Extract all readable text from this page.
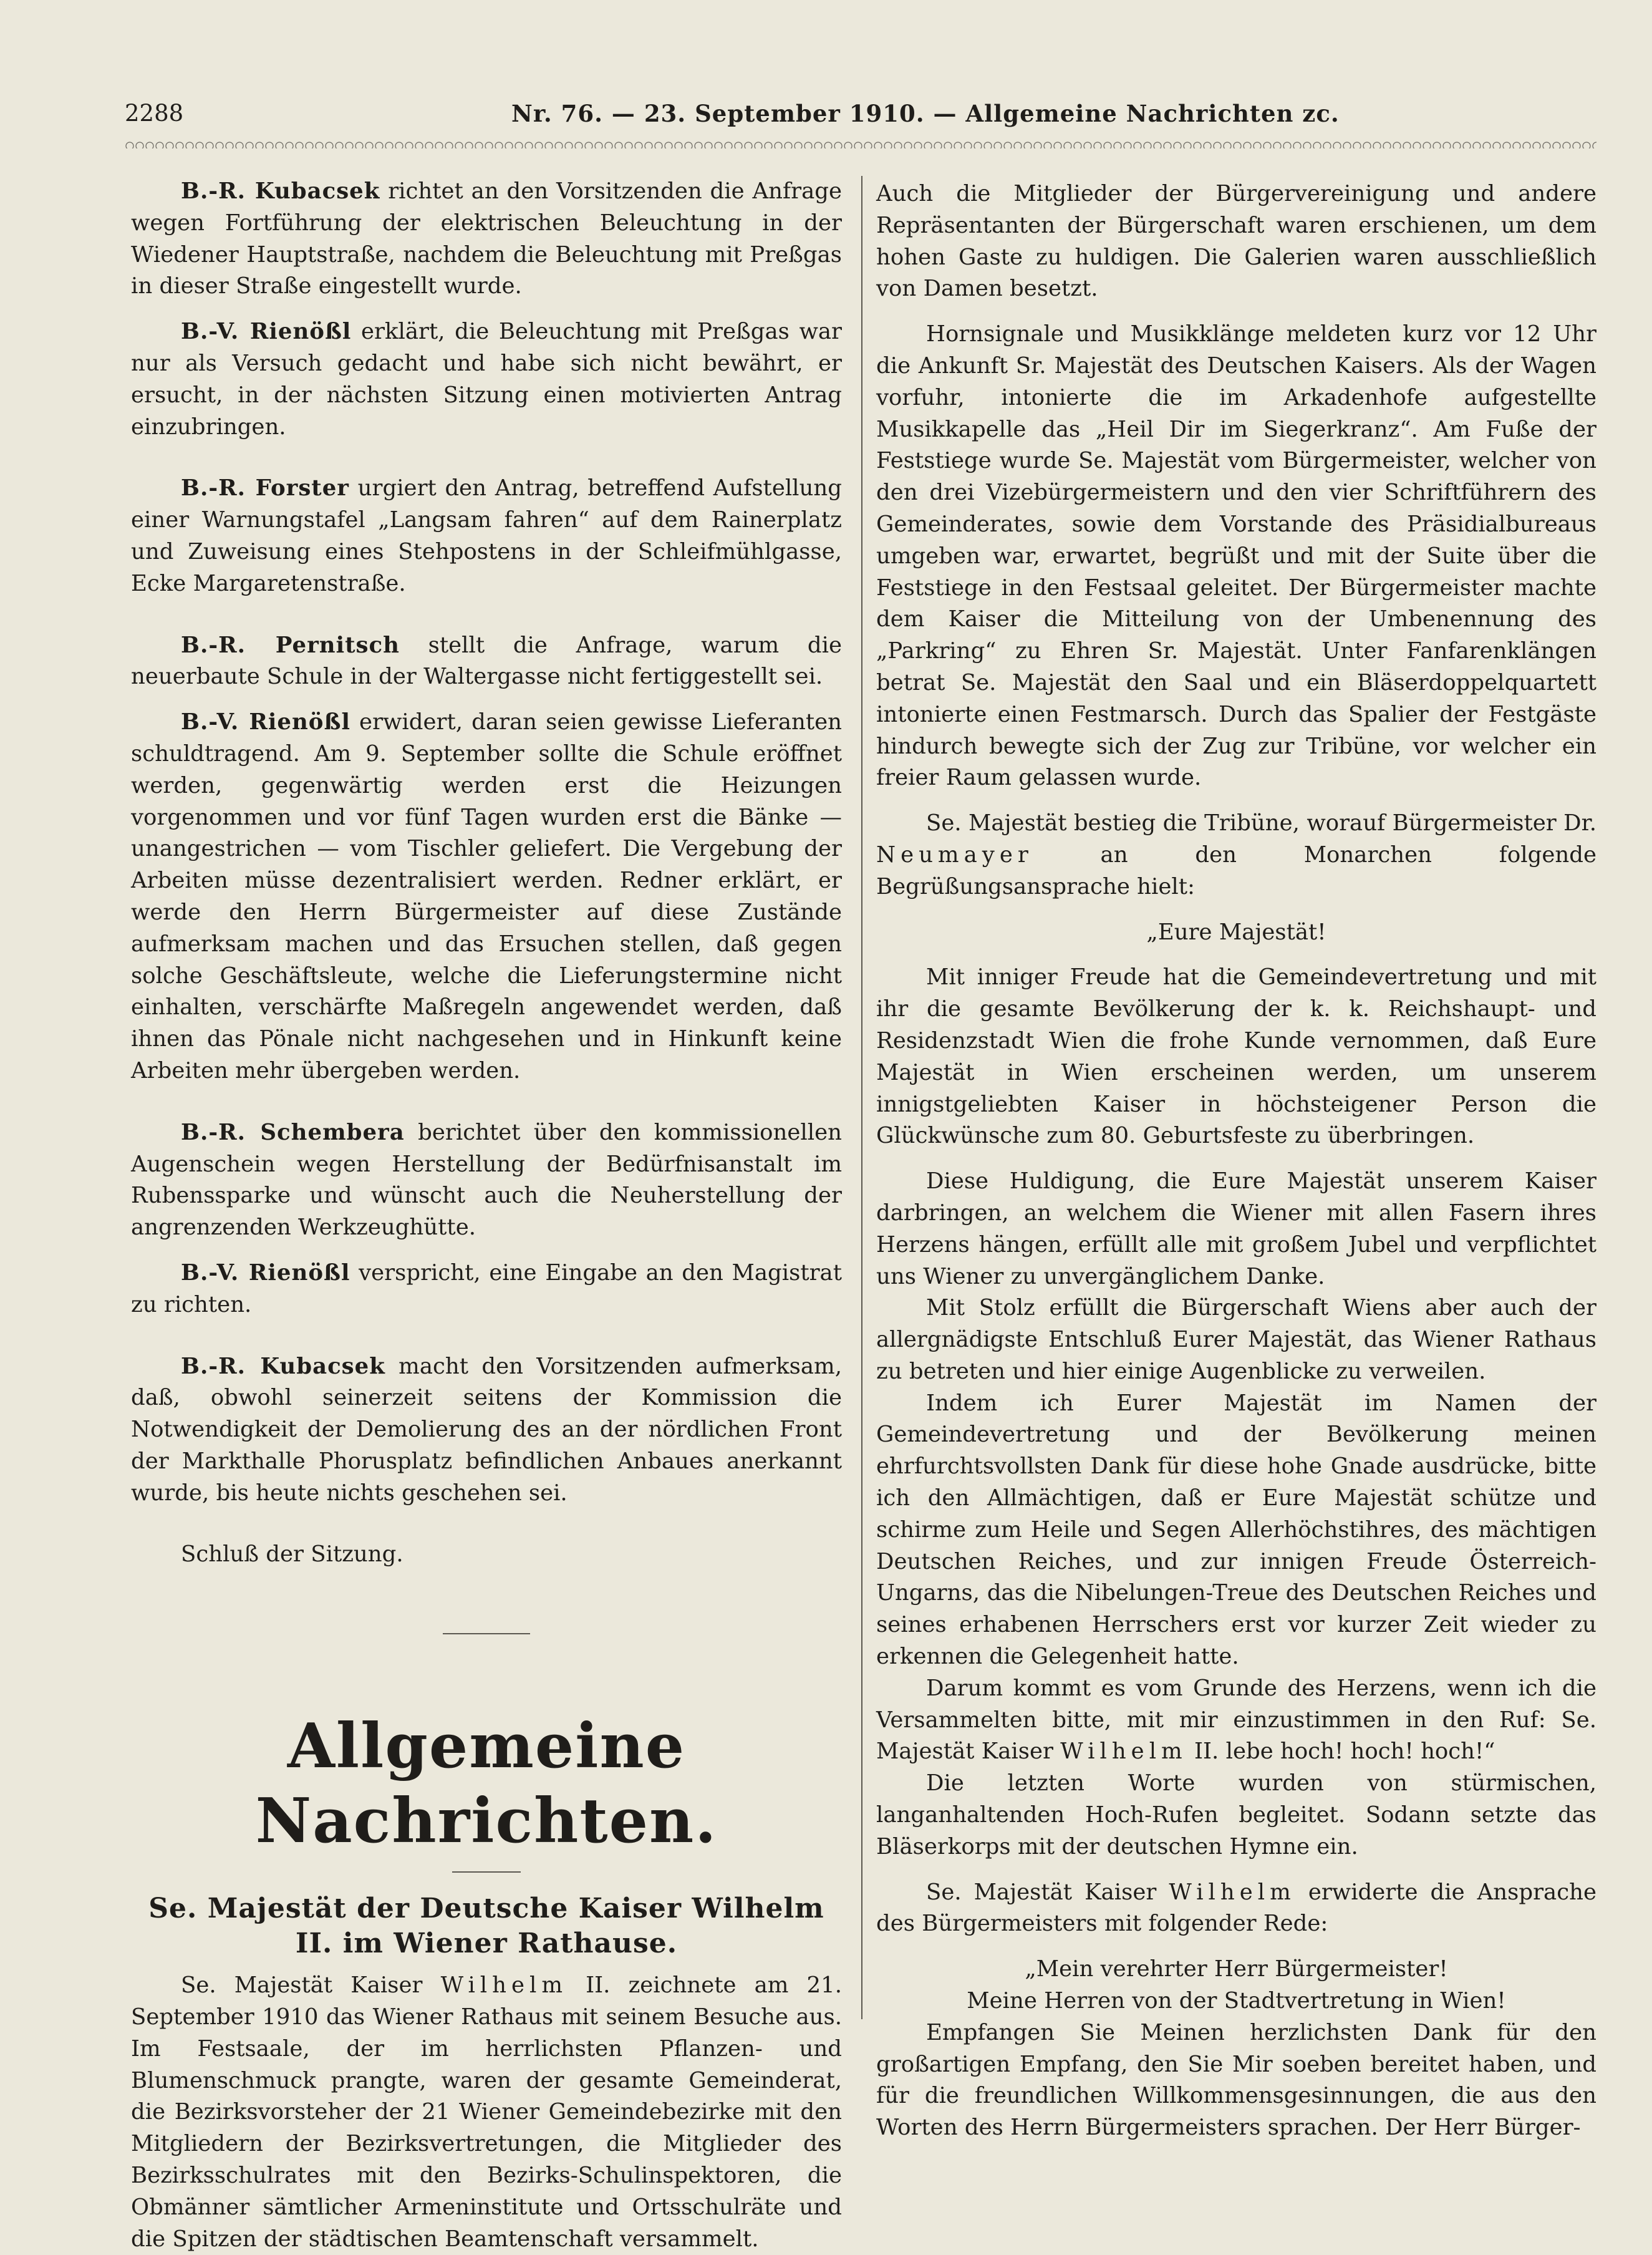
2288	Nr. 76. — 23. September 1910. — Allgemeine Nachrichten zc.

B.-R. Kubacsek richtet an den Vorsitzenden die Anfrage wegen Fortführung der elektrischen Beleuchtung in der Wiedener Hauptstraße, nachdem die Beleuchtung mit Preßgas in dieser Straße eingestellt wurde.

B.-V. Rienößl erklärt, die Beleuchtung mit Preßgas war nur als Versuch gedacht und habe sich nicht bewährt, er ersucht, in der nächsten Sitzung einen motivierten Antrag einzubringen.

B.-R. Forster urgiert den Antrag, betreffend Aufstellung einer Warnungstafel „Langsam fahren“ auf dem Rainerplatz und Zuweisung eines Stehpostens in der Schleifmühlgasse, Ecke Margaretenstraße.

B.-R. Pernitsch stellt die Anfrage, warum die neuerbaute Schule in der Waltergasse nicht fertiggestellt sei.

B.-V. Rienößl erwidert, daran seien gewisse Lieferanten schuldtragend. Am 9. September sollte die Schule eröffnet werden, gegenwärtig werden erst die Heizungen vorgenommen und vor fünf Tagen wurden erst die Bänke — unangestrichen — vom Tischler geliefert. Die Vergebung der Arbeiten müsse dezentralisiert werden. Redner erklärt, er werde den Herrn Bürgermeister auf diese Zustände aufmerksam machen und das Ersuchen stellen, daß gegen solche Geschäftsleute, welche die Lieferungstermine nicht einhalten, verschärfte Maßregeln angewendet werden, daß ihnen das Pönale nicht nachgesehen und in Hinkunft keine Arbeiten mehr übergeben werden.

B.-R. Schembera berichtet über den kommissionellen Augenschein wegen Herstellung der Bedürfnisanstalt im Rubenssparke und wünscht auch die Neuherstellung der angrenzenden Werkzeughütte.

B.-V. Rienößl verspricht, eine Eingabe an den Magistrat zu richten.

B.-R. Kubacsek macht den Vorsitzenden aufmerksam, daß, obwohl seinerzeit seitens der Kommission die Notwendigkeit der Demolierung des an der nördlichen Front der Markthalle Phorusplatz befindlichen Anbaues anerkannt wurde, bis heute nichts geschehen sei.

Schluß der Sitzung.

Allgemeine Nachrichten.
Se. Majestät der Deutsche Kaiser Wilhelm II. im Wiener Rathause.

Se. Majestät Kaiser Wilhelm II. zeichnete am 21. September 1910 das Wiener Rathaus mit seinem Besuche aus. Im Festsaale, der im herrlichsten Pflanzen- und Blumenschmuck prangte, waren der gesamte Gemeinderat, die Bezirksvorsteher der 21 Wiener Gemeindebezirke mit den Mitgliedern der Bezirksvertretungen, die Mitglieder des Bezirksschulrates mit den Bezirks-Schulinspektoren, die Obmänner sämtlicher Armeninstitute und Ortsschulräte und die Spitzen der städtischen Beamtenschaft versammelt.

Auch die Mitglieder der Bürgervereinigung und andere Repräsentanten der Bürgerschaft waren erschienen, um dem hohen Gaste zu huldigen. Die Galerien waren ausschließlich von Damen besetzt.

Hornsignale und Musikklänge meldeten kurz vor 12 Uhr die Ankunft Sr. Majestät des Deutschen Kaisers. Als der Wagen vorfuhr, intonierte die im Arkadenhofe aufgestellte Musikkapelle das „Heil Dir im Siegerkranz“. Am Fuße der Feststiege wurde Se. Majestät vom Bürgermeister, welcher von den drei Vizebürgermeistern und den vier Schriftführern des Gemeinderates, sowie dem Vorstande des Präsidialbureaus umgeben war, erwartet, begrüßt und mit der Suite über die Feststiege in den Festsaal geleitet. Der Bürgermeister machte dem Kaiser die Mitteilung von der Umbenennung des „Parkring“ zu Ehren Sr. Majestät. Unter Fanfarenklängen betrat Se. Majestät den Saal und ein Bläserdoppelquartett intonierte einen Festmarsch. Durch das Spalier der Festgäste hindurch bewegte sich der Zug zur Tribüne, vor welcher ein freier Raum gelassen wurde.

Se. Majestät bestieg die Tribüne, worauf Bürgermeister Dr. Neumayer an den Monarchen folgende Begrüßungsansprache hielt:

„Eure Majestät!

Mit inniger Freude hat die Gemeindevertretung und mit ihr die gesamte Bevölkerung der k. k. Reichshaupt- und Residenzstadt Wien die frohe Kunde vernommen, daß Eure Majestät in Wien erscheinen werden, um unserem innigstgeliebten Kaiser in höchsteigener Person die Glückwünsche zum 80. Geburtsfeste zu überbringen.

Diese Huldigung, die Eure Majestät unserem Kaiser darbringen, an welchem die Wiener mit allen Fasern ihres Herzens hängen, erfüllt alle mit großem Jubel und verpflichtet uns Wiener zu unvergänglichem Danke.

Mit Stolz erfüllt die Bürgerschaft Wiens aber auch der allergnädigste Entschluß Eurer Majestät, das Wiener Rathaus zu betreten und hier einige Augenblicke zu verweilen.

Indem ich Eurer Majestät im Namen der Gemeindevertretung und der Bevölkerung meinen ehrfurchtsvollsten Dank für diese hohe Gnade ausdrücke, bitte ich den Allmächtigen, daß er Eure Majestät schütze und schirme zum Heile und Segen Allerhöchstihres, des mächtigen Deutschen Reiches, und zur innigen Freude Österreich-Ungarns, das die Nibelungen-Treue des Deutschen Reiches und seines erhabenen Herrschers erst vor kurzer Zeit wieder zu erkennen die Gelegenheit hatte.

Darum kommt es vom Grunde des Herzens, wenn ich die Versammelten bitte, mit mir einzustimmen in den Ruf: Se. Majestät Kaiser Wilhelm II. lebe hoch! hoch! hoch!“

Die letzten Worte wurden von stürmischen, langanhaltenden Hoch-Rufen begleitet. Sodann setzte das Bläserkorps mit der deutschen Hymne ein.

Se. Majestät Kaiser Wilhelm erwiderte die Ansprache des Bürgermeisters mit folgender Rede:

„Mein verehrter Herr Bürgermeister!

Meine Herren von der Stadtvertretung in Wien!

Empfangen Sie Meinen herzlichsten Dank für den großartigen Empfang, den Sie Mir soeben bereitet haben, und für die freundlichen Willkommensgesinnungen, die aus den Worten des Herrn Bürgermeisters sprachen. Der Herr Bürger-
